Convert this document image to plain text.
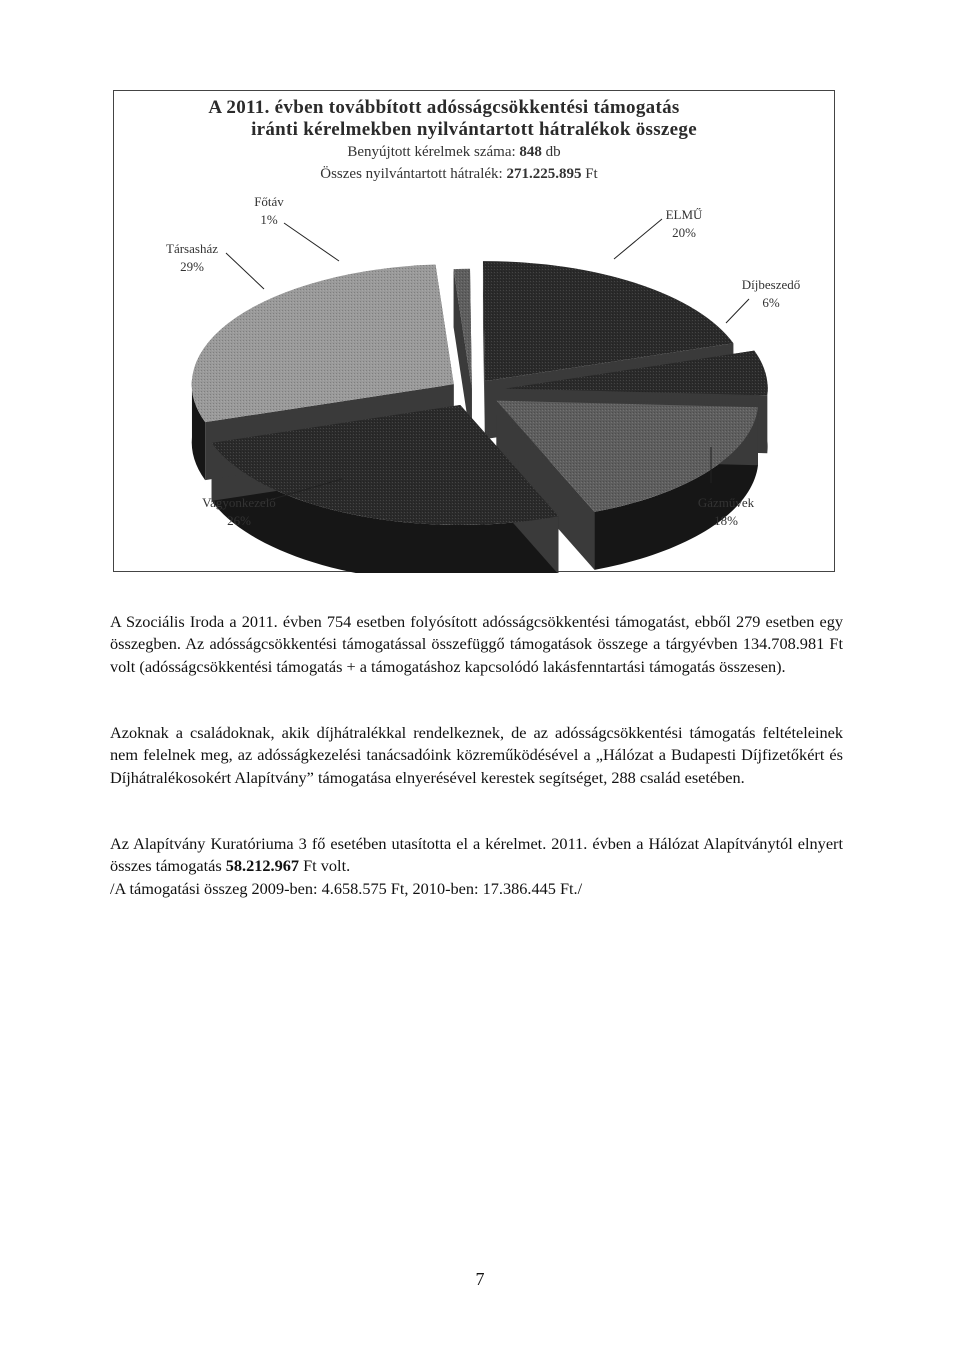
A 2011. évben továbbított adósságcsökkentési támogatás
iránti kérelmekben nyilvántartott hátralékok összege
Benyújtott kérelmek száma: 848 db
Összes nyilvántartott hátralék: 271.225.895 Ft
Főtáv
1%	ELMŰ
20%
Díjbeszedő
6%
Gázművek
18%
Vagyonkezelő
26%
Társasház
29%

A Szociális Iroda a 2011. évben 754 esetben folyósított adósságcsökkentési támogatást, ebből 279 esetben egy összegben. Az adósságcsökkentési támogatással összefüggő támogatások összege a tárgyévben 134.708.981 Ft volt (adósságcsökkentési támogatás + a támogatáshoz kapcsolódó lakásfenntartási támogatás összesen).

Azoknak a családoknak, akik díjhátralékkal rendelkeznek, de az adósságcsökkentési támogatás feltételeinek nem felelnek meg, az adósságkezelési tanácsadóink közreműködésével a „Hálózat a Budapesti Díjfizetőkért és Díjhátralékosokért Alapítvány” támogatása elnyerésével kerestek segítséget, 288 család esetében.

Az Alapítvány Kuratóriuma 3 fő esetében utasította el a kérelmet. 2011. évben a Hálózat Alapítványtól elnyert összes támogatás 58.212.967 Ft volt.

/A támogatási összeg 2009-ben: 4.658.575 Ft, 2010-ben: 17.386.445 Ft./

7
